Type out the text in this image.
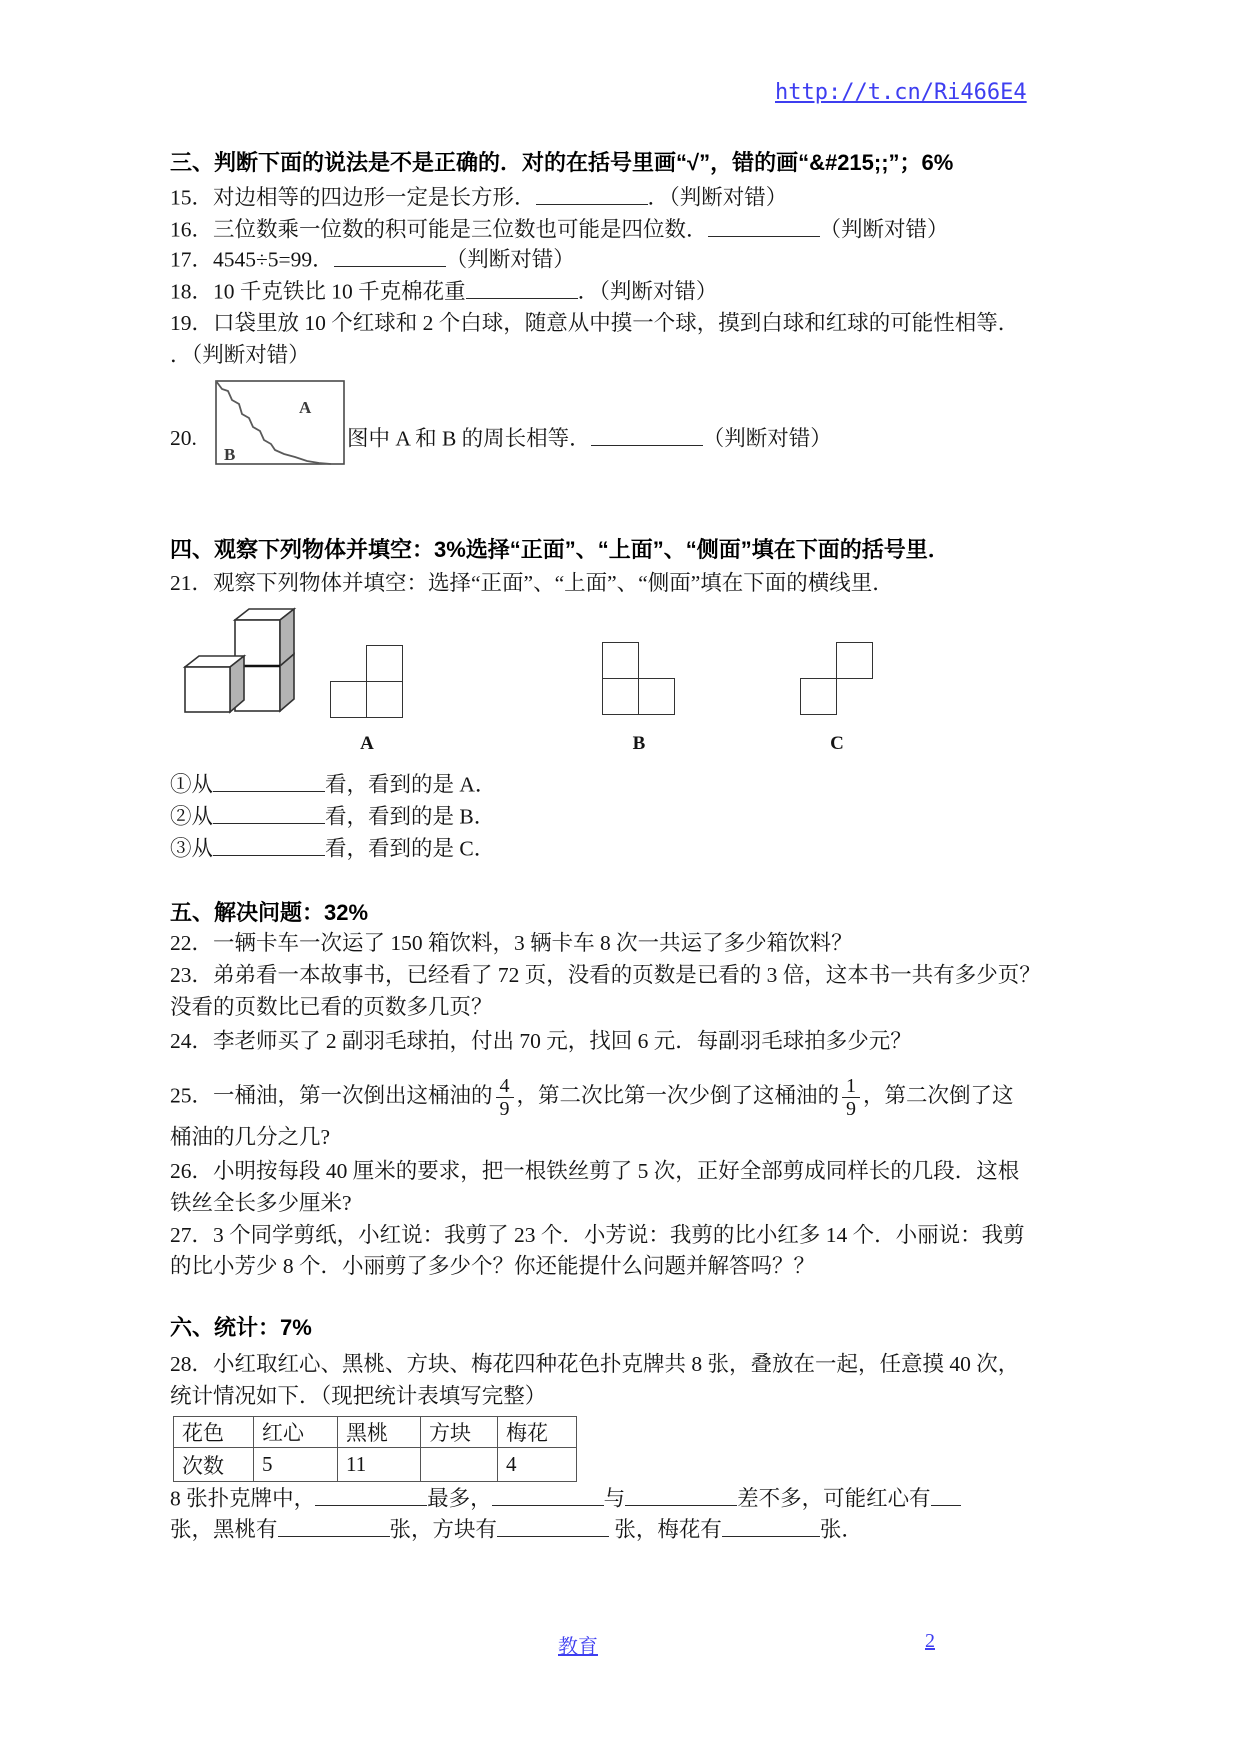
http://t.cn/Ri466E4
三、判断下面的说法是不是正确的．对的在括号里画“√”，错的画“&#215;;”；6%
15．对边相等的四边形一定是长方形．	．（判断对错）
16．三位数乘一位数的积可能是三位数也可能是四位数．	（判断对错）
17．4545÷5=99．	（判断对错）
18．10 千克铁比 10 千克棉花重	．（判断对错）
19．口袋里放 10 个红球和 2 个白球，随意从中摸一个球，摸到白球和红球的可能性相等．
．（判断对错）
20.
A
B
图中 A 和 B 的周长相等．	（判断对错）
四、观察下列物体并填空：3%选择“正面”、“上面”、“侧面”填在下面的括号里．
21．观察下列物体并填空：选择“正面”、“上面”、“侧面”填在下面的横线里．
A	B	C
①从	看，看到的是 A．
②从	看，看到的是 B．
③从	看，看到的是 C．
五、解决问题：32%
22．一辆卡车一次运了 150 箱饮料，3 辆卡车 8 次一共运了多少箱饮料？
23．弟弟看一本故事书，已经看了 72 页，没看的页数是已看的 3 倍，这本书一共有多少页？
没看的页数比已看的页数多几页？
24．李老师买了 2 副羽毛球拍，付出 70 元，找回 6 元．每副羽毛球拍多少元？
25．一桶油，第一次倒出这桶油的 $\frac{4}{9}$ ，第二次比第一次少倒了这桶油的 $\frac{1}{9}$ ，第二次倒了这
桶油的几分之几?
26．小明按每段 40 厘米的要求，把一根铁丝剪了 5 次，正好全部剪成同样长的几段．这根
铁丝全长多少厘米?
27．3 个同学剪纸，小红说：我剪了 23 个．小芳说：我剪的比小红多 14 个．小丽说：我剪
的比小芳少 8 个．小丽剪了多少个？你还能提什么问题并解答吗？？
六、统计：7%
28．小红取红心、黑桃、方块、梅花四种花色扑克牌共 8 张，叠放在一起，任意摸 40 次，
统计情况如下．（现把统计表填写完整）
花色	红心	黑桃	方块	梅花
次数	5	11		4
8 张扑克牌中，	最多，	与	差不多，可能红心有
张，黑桃有	张，方块有	张，梅花有	张．
教育	2
